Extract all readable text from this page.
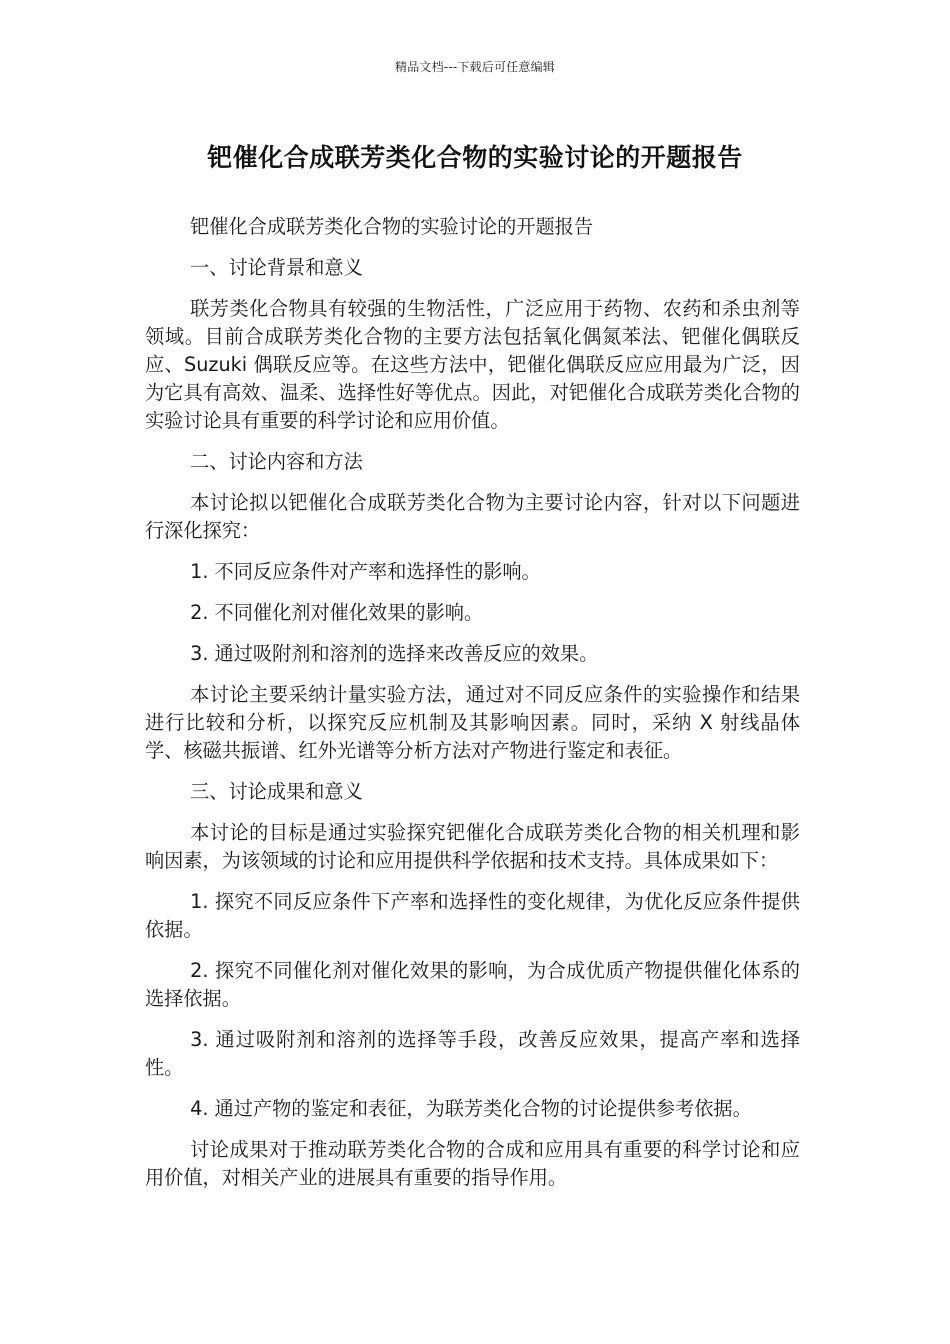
精品文档---下载后可任意编辑
钯催化合成联芳类化合物的实验讨论的开题报告

钯催化合成联芳类化合物的实验讨论的开题报告

一、讨论背景和意义

联芳类化合物具有较强的生物活性，广泛应用于药物、农药和杀虫剂等领域。目前合成联芳类化合物的主要方法包括氧化偶氮苯法、钯催化偶联反应、Suzuki 偶联反应等。在这些方法中，钯催化偶联反应应用最为广泛，因为它具有高效、温柔、选择性好等优点。因此，对钯催化合成联芳类化合物的实验讨论具有重要的科学讨论和应用价值。

二、讨论内容和方法

本讨论拟以钯催化合成联芳类化合物为主要讨论内容，针对以下问题进行深化探究：

1. 不同反应条件对产率和选择性的影响。

2. 不同催化剂对催化效果的影响。

3. 通过吸附剂和溶剂的选择来改善反应的效果。

本讨论主要采纳计量实验方法，通过对不同反应条件的实验操作和结果进行比较和分析，以探究反应机制及其影响因素。同时，采纳 X 射线晶体学、核磁共振谱、红外光谱等分析方法对产物进行鉴定和表征。

三、讨论成果和意义

本讨论的目标是通过实验探究钯催化合成联芳类化合物的相关机理和影响因素，为该领域的讨论和应用提供科学依据和技术支持。具体成果如下：

1. 探究不同反应条件下产率和选择性的变化规律，为优化反应条件提供依据。

2. 探究不同催化剂对催化效果的影响，为合成优质产物提供催化体系的选择依据。

3. 通过吸附剂和溶剂的选择等手段，改善反应效果，提高产率和选择性。

4. 通过产物的鉴定和表征，为联芳类化合物的讨论提供参考依据。

讨论成果对于推动联芳类化合物的合成和应用具有重要的科学讨论和应用价值，对相关产业的进展具有重要的指导作用。
